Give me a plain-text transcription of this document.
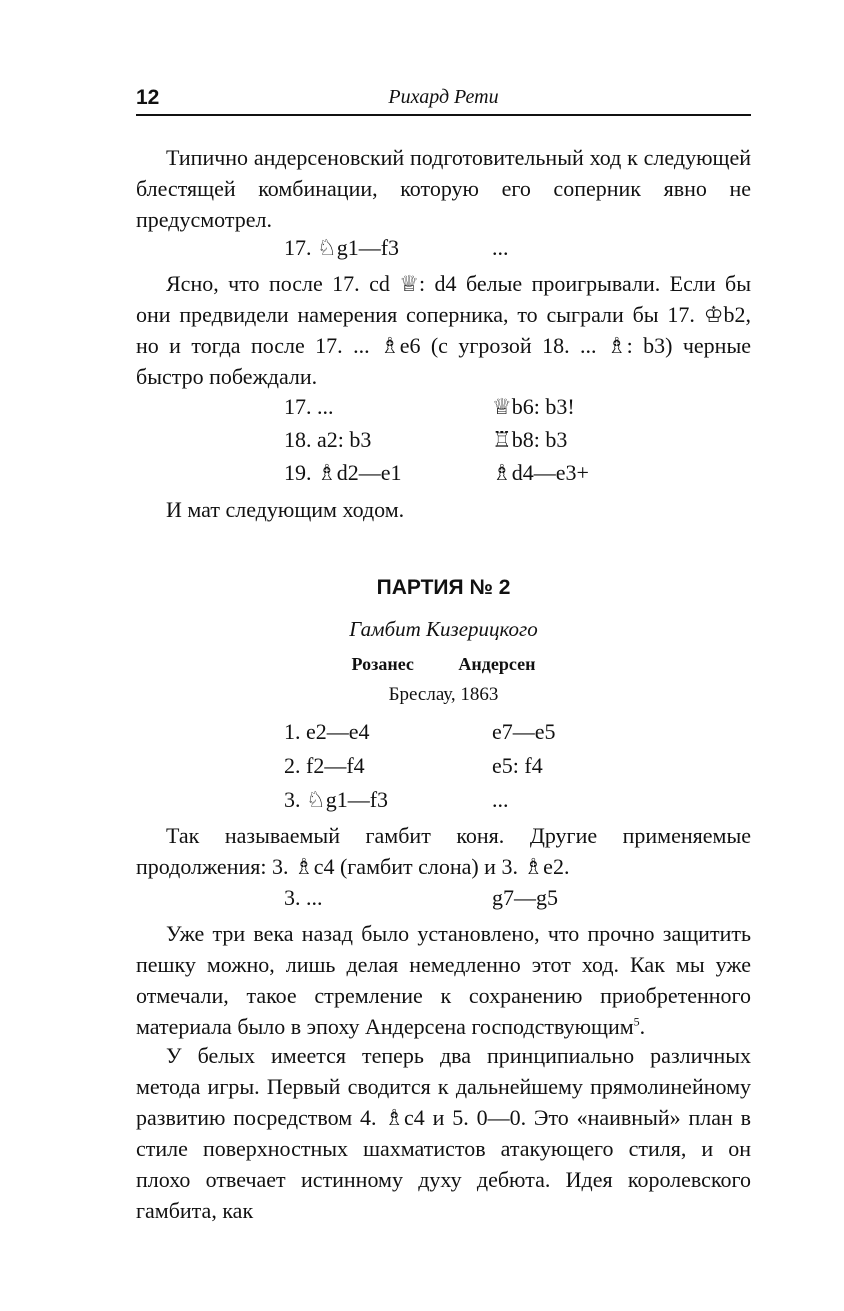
12	Рихард Рети

Типично андерсеновский подготовительный ход к следующей блестящей комбинации, которую его соперник явно не предусмотрел.

17. ♘g1—f3	...

Ясно, что после 17. cd ♕: d4 белые проигрывали. Если бы они предвидели намерения соперника, то сыграли бы 17. ♔b2, но и тогда после 17. ... ♗e6 (с угрозой 18. ... ♗: b3) черные быстро побеждали.

17. ...	♕b6: b3!
18. a2: b3	♖b8: b3
19. ♗d2—e1	♗d4—e3+

И мат следующим ходом.

ПАРТИЯ № 2
Гамбит Кизерицкого
Розанес Андерсен
Бреслау, 1863
1. e2—e4	e7—e5
2. f2—f4	e5: f4
3. ♘g1—f3	...

Так называемый гамбит коня. Другие применяемые продолжения: 3. ♗c4 (гамбит слона) и 3. ♗e2.

3. ...	g7—g5

Уже три века назад было установлено, что прочно защитить пешку можно, лишь делая немедленно этот ход. Как мы уже отмечали, такое стремление к сохранению приобретенного материала было в эпоху Андерсена господствующим$^5$.

У белых имеется теперь два принципиально различных метода игры. Первый сводится к дальнейшему прямолинейному развитию посредством 4. ♗c4 и 5. 0—0. Это «наивный» план в стиле поверхностных шахматистов атакующего стиля, и он плохо отвечает истинному духу дебюта. Идея королевского гамбита, как
